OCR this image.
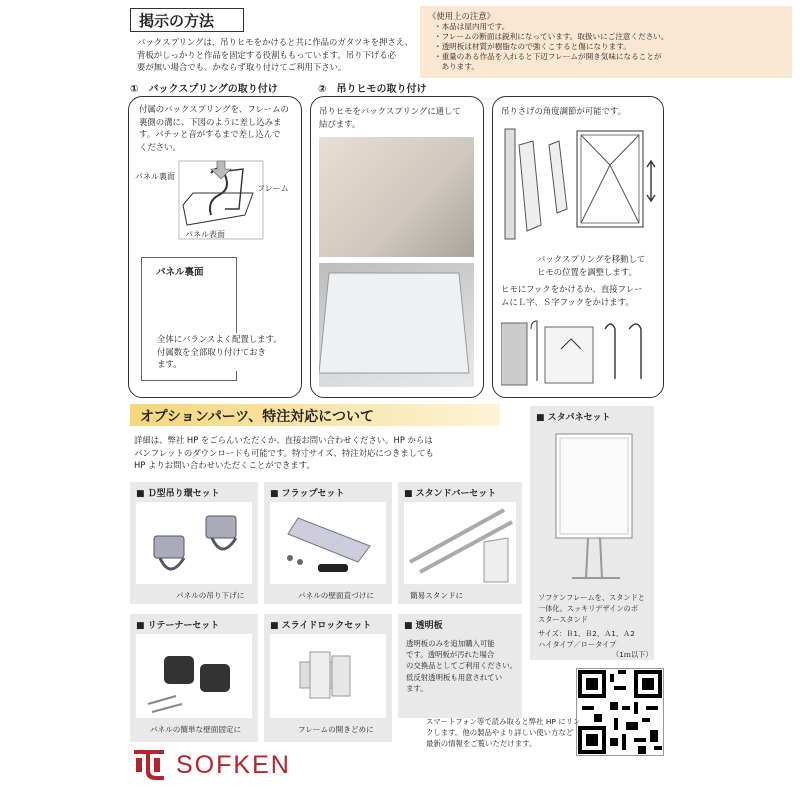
掲示の方法
バックスプリングは、吊りヒモをかけると共に作品のガタツキを押さえ、
背板がしっかりと作品を固定する役割ももっています。吊り下げる必
要が無い場合でも、かならず取り付けてご利用下さい。
《使用上の注意》
・本品は屋内用です。
・フレームの断面は鋭利になっています。取扱いにご注意ください。
・透明板は材質が樹脂なので強くこすると傷になります。
・重量のある作品を入れると下辺フレームが開き気味になることが
　あります。
①　バックスプリングの取り付け	②　吊りヒモの取り付け
付属のバックスプリングを、フレームの
裏側の溝に、下図のように差し込みま
す。パチッと音がするまで差し込んで
ください。
パネル裏面
フレーム
パネル表面
パネル裏面
全体にバランスよく配置します。
付属数を全部取り付けておき
ます。
吊りヒモをバックスプリングに通して
結びます。
吊りさげの角度調節が可能です。
バックスプリングを移動して
ヒモの位置を調整します。
ヒモにフックをかけるか、直接フレー
ムにＬ字、Ｓ字フックをかけます。
オプションパーツ、特注対応について
詳細は、弊社 HP をごらんいただくか、直接お問い合わせください。HP からは
パンフレットのダウンロードも可能です。特寸サイズ、特注対応につきましても
HP よりお問い合わせいただくことができます。
■ Ｄ型吊り環セット
パネルの吊り下げに
■ フラップセット
パネルの壁面直づけに
■ スタンドバーセット
簡易スタンドに
■ リテーナーセット
パネルの簡単な壁面固定に
■ スライドロックセット
フレームの開きどめに
■ 透明板
透明板のみを追加購入可能
です。透明板が汚れた場合
の交換品としてご利用ください。
低反射透明板も用意されてい
ます。
■ スタパネセット
ソフケンフレームを、スタンドと
一体化。スッキリデザインのボ
スタースタンド
サイズ：Ｂ1、Ｂ2、Ａ1、Ａ2
ハイタイプ／ロータイプ
（1ｍ以下）
スマートフォン等で読み取ると弊社 HP にリン
クします。他の製品やより詳しい使い方など
最新の情報をご覧いただけます。
SOFKEN
